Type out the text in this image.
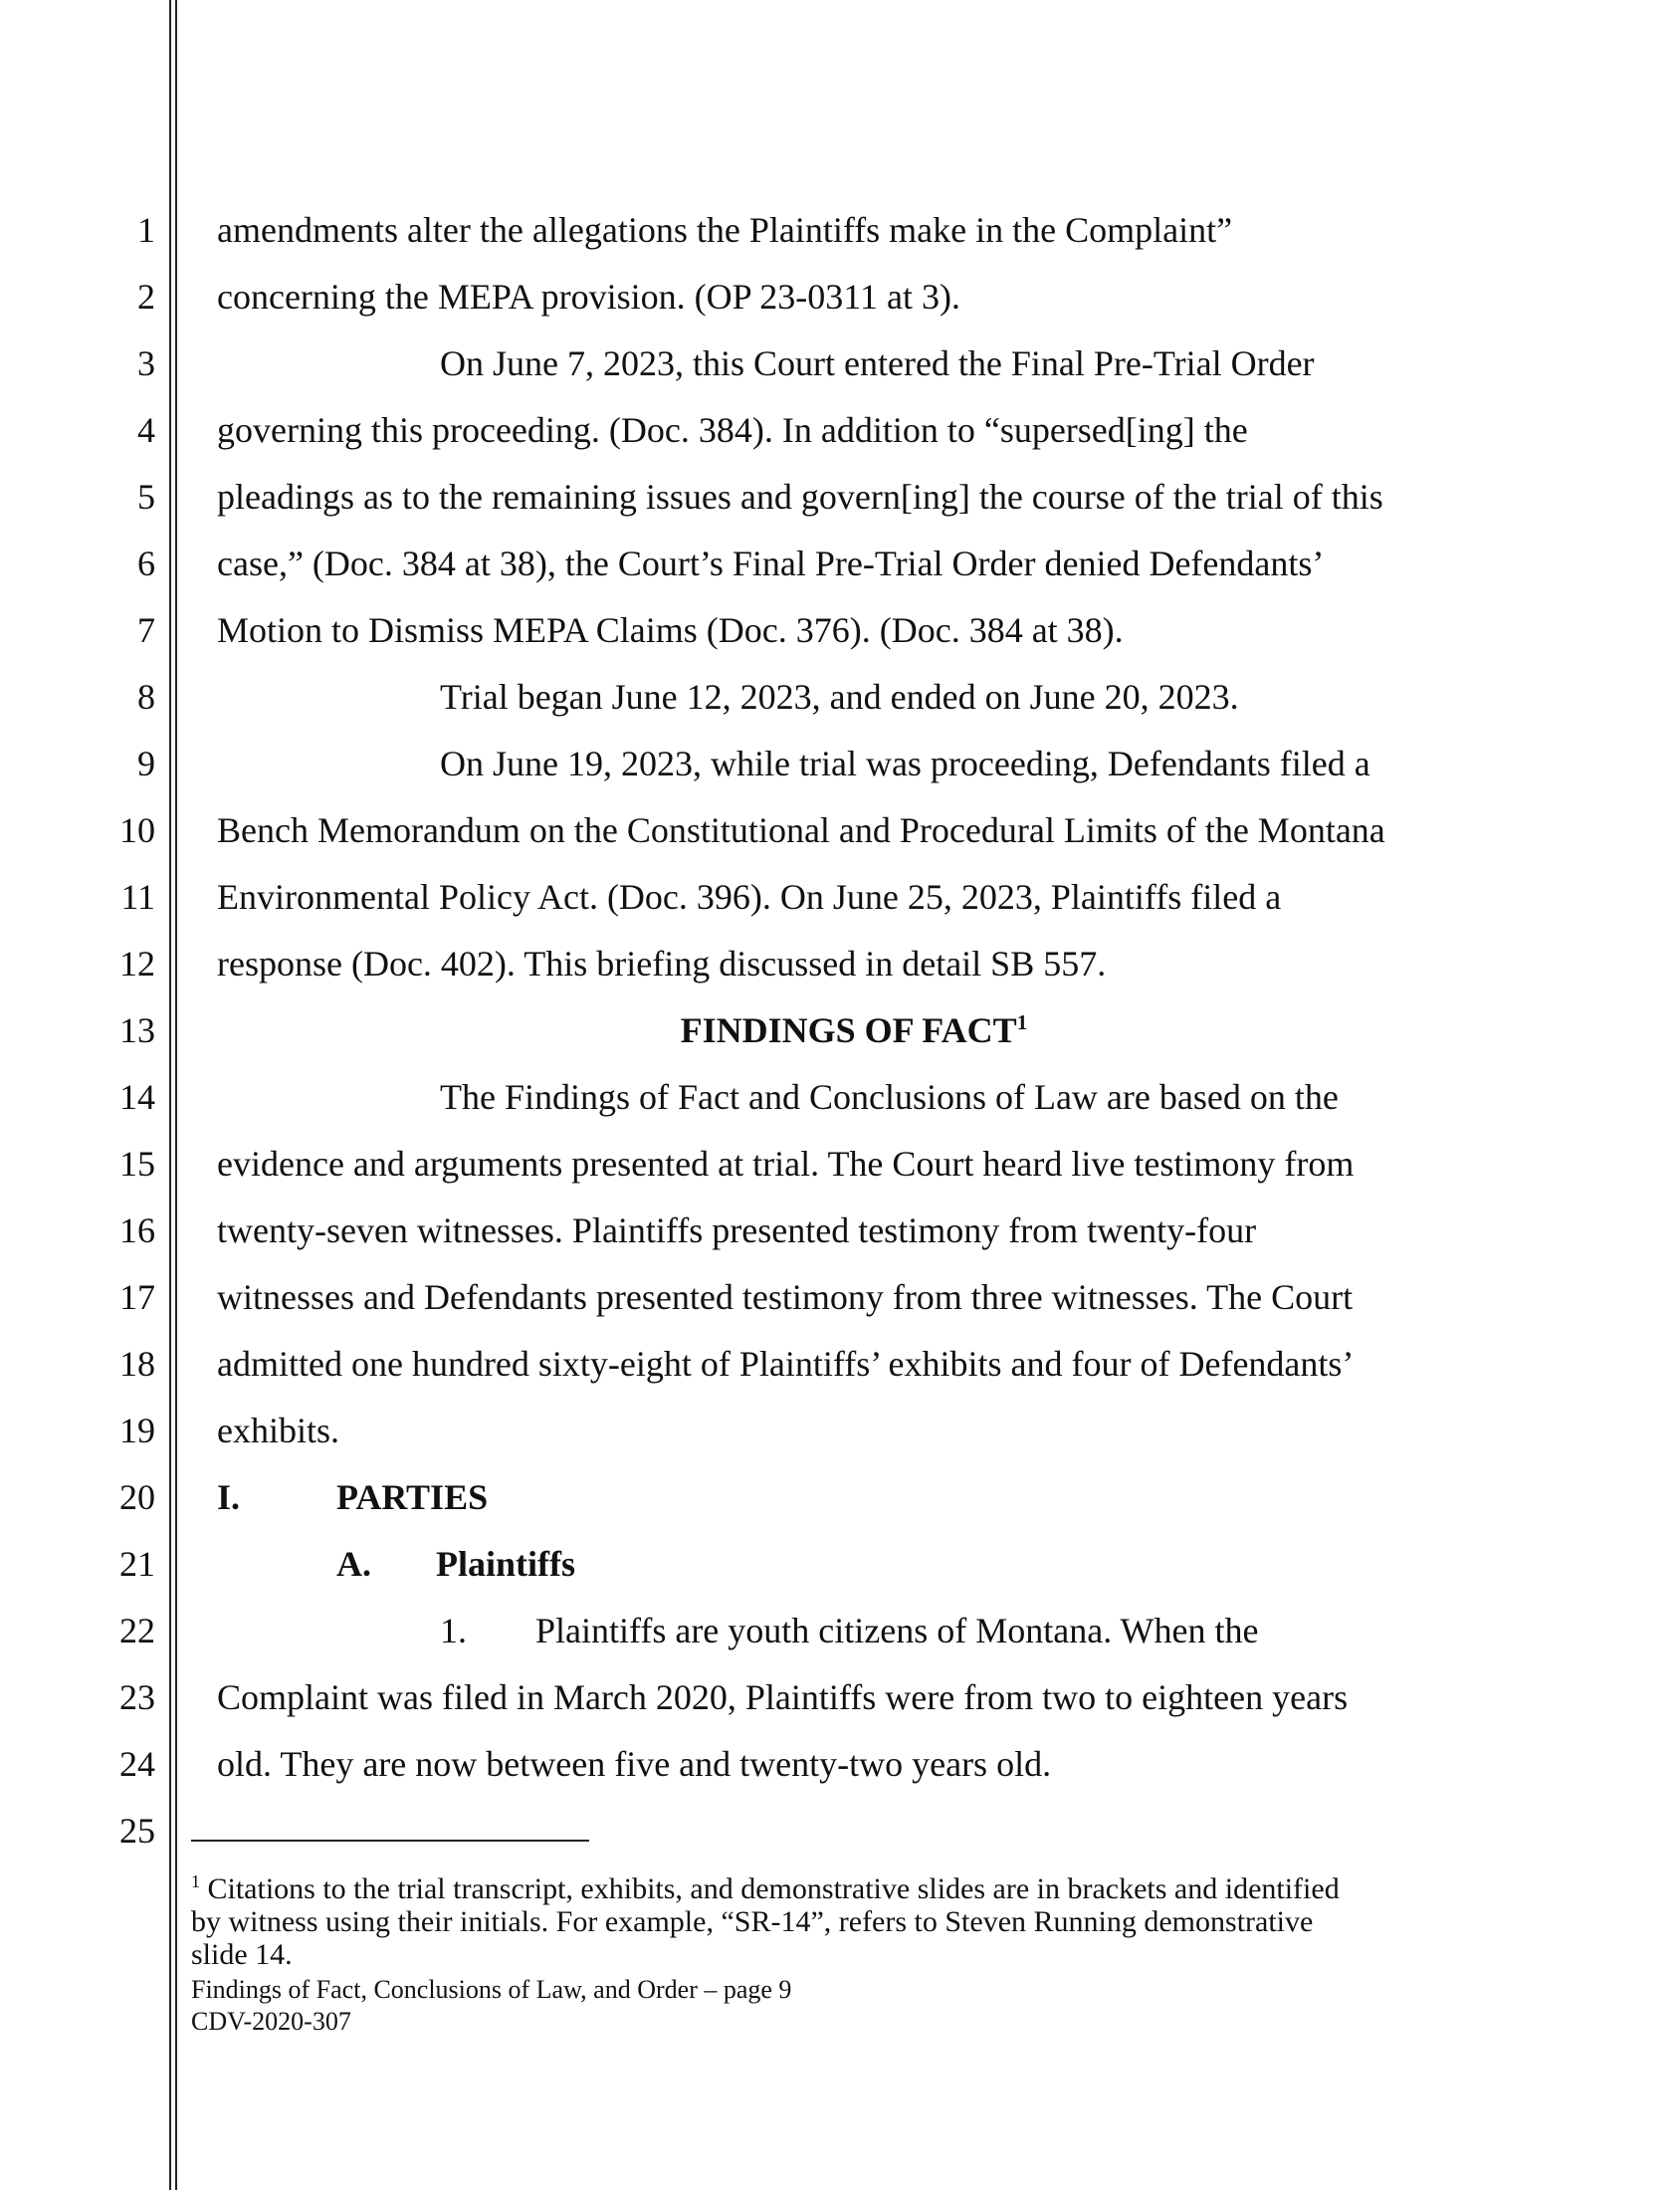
1
2
3
4
5
6
7
8
9
10
11
12
13
14
15
16
17
18
19
20
21
22
23
24
25
amendments alter the allegations the Plaintiffs make in the Complaint”
concerning the MEPA provision. (OP 23-0311 at 3).
On June 7, 2023, this Court entered the Final Pre-Trial Order
governing this proceeding. (Doc. 384). In addition to “supersed[ing] the
pleadings as to the remaining issues and govern[ing] the course of the trial of this
case,” (Doc. 384 at 38), the Court’s Final Pre-Trial Order denied Defendants’
Motion to Dismiss MEPA Claims (Doc. 376). (Doc. 384 at 38).
Trial began June 12, 2023, and ended on June 20, 2023.
On June 19, 2023, while trial was proceeding, Defendants filed a
Bench Memorandum on the Constitutional and Procedural Limits of the Montana
Environmental Policy Act. (Doc. 396). On June 25, 2023, Plaintiffs filed a
response (Doc. 402). This briefing discussed in detail SB 557.
FINDINGS OF FACT$^1$
The Findings of Fact and Conclusions of Law are based on the
evidence and arguments presented at trial. The Court heard live testimony from
twenty-seven witnesses. Plaintiffs presented testimony from twenty-four
witnesses and Defendants presented testimony from three witnesses. The Court
admitted one hundred sixty-eight of Plaintiffs’ exhibits and four of Defendants’
exhibits.
I.	PARTIES
A. Plaintiffs
1. Plaintiffs are youth citizens of Montana. When the
Complaint was filed in March 2020, Plaintiffs were from two to eighteen years
old. They are now between five and twenty-two years old.
$^1$ Citations to the trial transcript, exhibits, and demonstrative slides are in brackets and identified
by witness using their initials. For example, “SR-14”, refers to Steven Running demonstrative
slide 14.
Findings of Fact, Conclusions of Law, and Order – page 9
CDV-2020-307
